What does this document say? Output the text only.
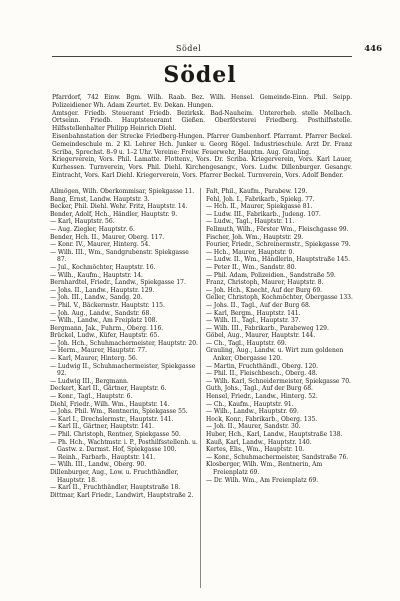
Södel	446
Södel

Pfarrdorf, 742 Einw. Bgm. Wilh. Raab. Bez. Wilh. Hensel. Gemeinde-Einn. Phil. Seipp. Polizeidiener Wh. Adam Zeurtet. Ev. Dekan. Hungen.

Amtsger. Friedb. Steueramt Friedb. Bezirksk. Bad-Nauheim. Untererheb. stelle Melbach. Ortseinn. Friedb. Hauptsteueramt Gießen. Oberförsterei Friedberg. Posthilfsstelle. Hilfsstellenhalter Philipp Heinrich Diehl.

Eisenbahnstation der Strecke Friedberg-Hungen. Pfarrer Gumbenhorf. Pfarramt. Pfarrer Beckel. Gemeindeschule m. 2 Kl. Lehrer Hch. Junker u. Georg Rögel. Industrieschule. Arzt Dr. Franz Scriba, Sprechst. 8–9 u. 1–2 Uhr. Vereine: Freiw. Feuerwehr, Hauptm. Aug. Grauling.

Kriegerverein, Vors. Phil. Lamatte. Flottenv., Vors. Dr. Scriba. Kriegerverein, Vors. Karl Lauer, Kurhessen. Turnverein, Vors. Phil. Diehl. Kirchengesangv., Vors. Ludw. Dillenburger. Gesangv. Eintracht, Vors. Karl Diehl. Kriegerverein, Vors. Pfarrer Beckel. Turnverein, Vors. Adolf Bender.

Allmögen, Wilh. Oberkommisar, Spiekgasse 11.

Bang, Ernst, Landw. Hauptstr. 3.

Becker, Phil. Diehl. Wehr. Fritz, Hauptstr. 14.

Bender, Adolf, Hch., Händler, Hauptstr. 9.

— Karl, Hauptstr. 56.

— Aug. Ziegler, Hauptstr. 6.

Bender, Hch. II., Maurer, Oberg. 117.

— Konr. IV., Maurer, Hinterg. 54.

— Wilh. III., Wm., Sandgrubenstr. Spiekgasse 87.

— Jul., Kochmöchter, Hauptstr. 16.

— Wilh., Kaufm., Hauptstr. 14.

Bernhardtel, Friedr., Landw., Spiekgasse 17.

— Johs. II., Landw., Hauptstr. 129.

— Joh. III., Landw., Sandg. 20.

— Phil. V., Bäckermstr. Hauptstr. 115.

— Joh. Aug., Landw., Sandstr. 68.

— Wilh., Landw., Am Freiplatz 108.

Bergmann, Jak., Fuhrm., Oberg. 116.

Brückel, Ludw., Küfer, Hauptstr. 65.

— Joh. Hch., Schuhmachermeister, Hauptstr. 20.

— Herm., Maurer, Hauptstr. 77.

— Karl, Maurer, Hinterg. 56.

— Ludwig II., Schuhmachermeister, Spiekgasse 92.

— Ludwig III., Bergmann.

Deckert, Karl II., Gärtner, Hauptstr. 6.

— Konr., Tagl., Hauptstr. 6.

Diehl, Friedr., Wilh. Wm., Hauptstr. 14.

— Johs. Phil. Wm., Rentnerin, Spiekgasse 55.

— Karl I., Drechslermstr., Hauptstr. 141.

— Karl II., Gärtner, Hauptstr. 141.

— Phil. Christoph, Rentner, Spiekgasse 50.

— Ph. Hch., Wachtmstr. i. P., Posthilfsstellenh. u. Gastw. z. Darmst. Hof, Spiekgasse 100.

— Reinh., Farbarb., Hauptstr. 141.

— Wilh. III., Landw., Oberg. 90.

Dillenburger, Aug., Low. u. Fruchthändler, Hauptstr. 18.

— Karl II., Fruchthändler, Hauptstraße 18.

Dittmar, Karl Friedr., Landwirt, Hauptstraße 2.

Falt, Phil., Kaufm., Parabew. 129.

Fehl, Joh. I., Fabrikarb., Spiekg. 77.

— Hch. II., Maurer, Spiekgasse 81.

— Ludw. III., Fabrikarb., Judeng. 107.

— Ludw., Tagl., Hauptstr. 11.

Fellmuth, Wilh., Förster Wm., Fleischgasse 99.

Fischer, Joh. Wm., Hauptstr. 29.

Fourier, Friedr., Schreinermstr., Spiekgasse 79.

— Hch., Maurer, Hauptstr. 0.

— Ludw. II., Wm., Händlerin, Hauptstraße 145.

— Peter II., Wm., Sandstr. 80.

— Phil. Adam, Polizeidien., Sandstraße 59.

Franz, Christoph, Maurer, Hauptstr. 8.

— Joh. Hch., Knecht, Auf der Burg 69.

Geller, Christoph, Kochmöchter, Obergasse 133.

— Johs. II., Tagl., Auf der Burg 68.

— Karl, Bergm., Hauptstr. 141.

— Wilh. II., Tagl., Hauptstr. 37.

— Wilh. III., Fabrikarb., Parabeweg 129.

Göbel, Aug., Maurer, Hauptstr. 144.

— Ch., Tagl., Hauptstr. 69.

Grauling, Aug., Landw. u. Wirt zum goldenen Anker, Obergasse 120.

— Martin, Fruchthändl., Oberg. 120.

— Phil. II., Fleischbesch., Oberg. 48.

— Wilh. Karl, Schneidermeister, Spiekgasse 70.

Guth, Johs., Tagl., Auf der Burg 68.

Hensel, Friedr., Landw., Hinterg. 52.

— Ch., Kaufm., Hauptstr. 91.

— Wilh., Landw., Hauptstr. 69.

Hock, Konr., Fabrikarb., Oberg. 135.

— Joh. II., Maurer, Sandstr. 30.

Huber, Hch., Karl, Landw., Hauptstraße 138.

Kauß, Karl, Landw., Hauptstr. 140.

Kertes, Elis., Wm., Hauptstr. 10.

— Konr., Schuhmachermeister, Sandstraße 76.

Klosberger, Wilh. Wm., Rentnerin, Am Freienplatz 69.

— Dr. Wilh. Wm., Am Freienplatz 69.
